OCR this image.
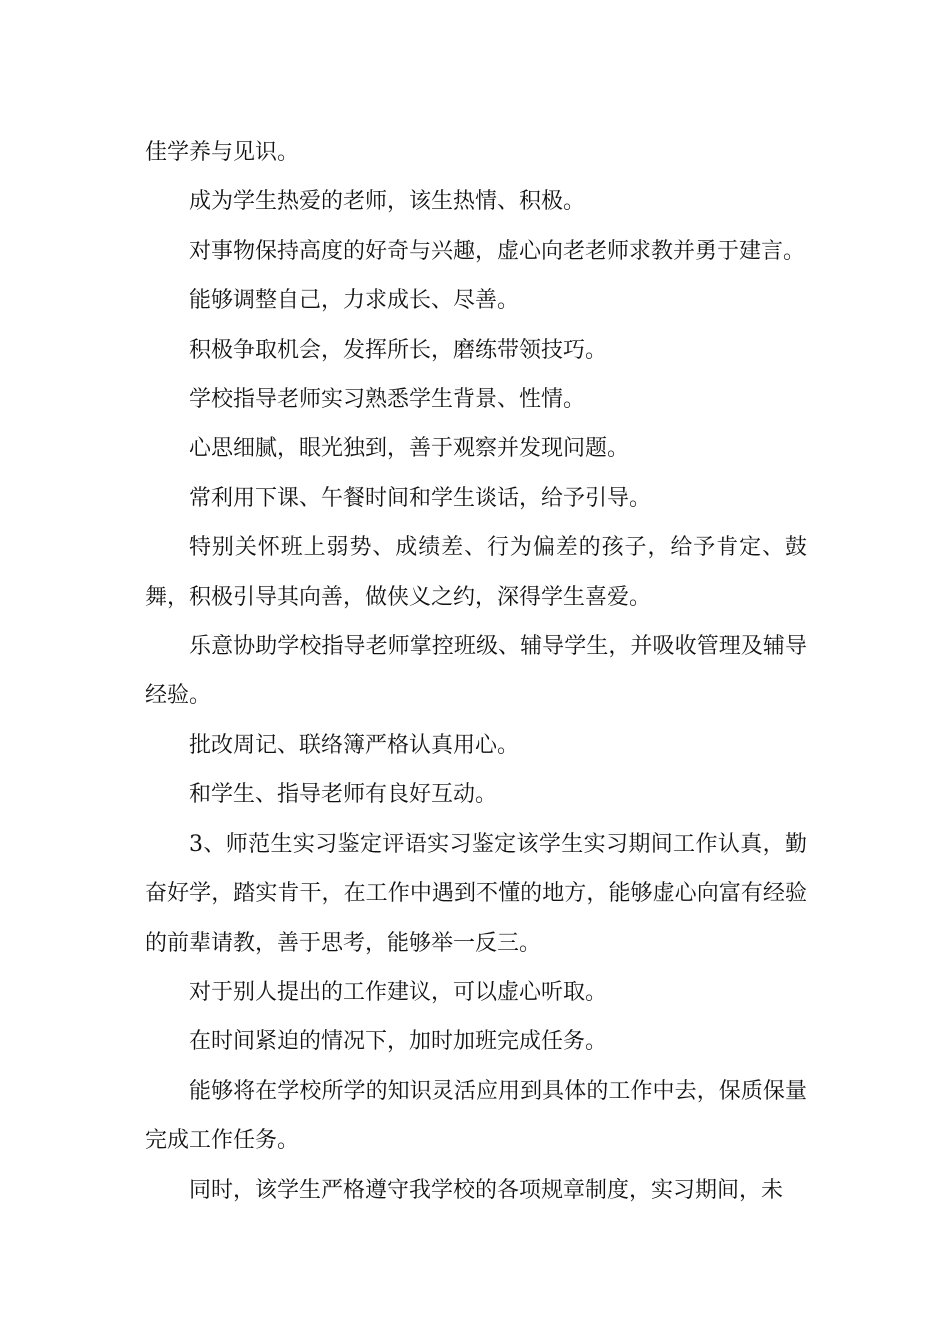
佳学养与见识。

成为学生热爱的老师，该生热情、积极。

对事物保持高度的好奇与兴趣，虚心向老老师求教并勇于建言。

能够调整自己，力求成长、尽善。

积极争取机会，发挥所长，磨练带领技巧。

学校指导老师实习熟悉学生背景、性情。

心思细腻，眼光独到，善于观察并发现问题。

常利用下课、午餐时间和学生谈话，给予引导。

特别关怀班上弱势、成绩差、行为偏差的孩子，给予肯定、鼓舞，积极引导其向善，做侠义之约，深得学生喜爱。

乐意协助学校指导老师掌控班级、辅导学生，并吸收管理及辅导经验。

批改周记、联络簿严格认真用心。

和学生、指导老师有良好互动。

3、师范生实习鉴定评语实习鉴定该学生实习期间工作认真，勤奋好学，踏实肯干，在工作中遇到不懂的地方，能够虚心向富有经验的前辈请教，善于思考，能够举一反三。

对于别人提出的工作建议，可以虚心听取。

在时间紧迫的情况下，加时加班完成任务。

能够将在学校所学的知识灵活应用到具体的工作中去，保质保量完成工作任务。

同时，该学生严格遵守我学校的各项规章制度，实习期间，未
